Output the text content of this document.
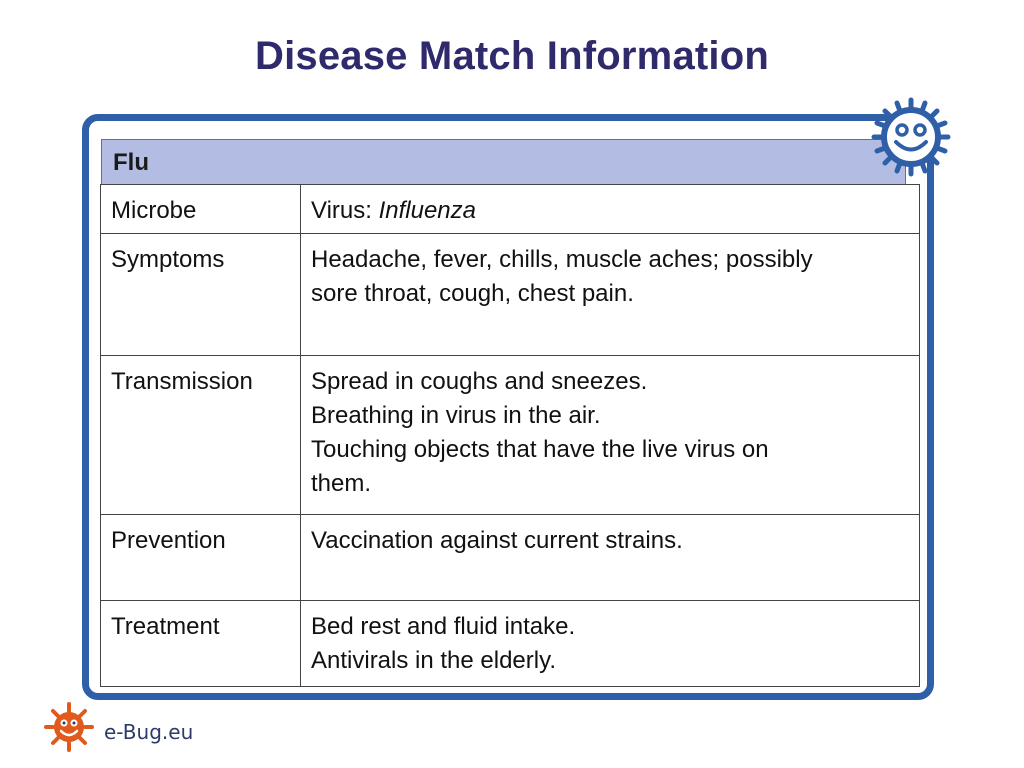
Disease Match Information
Flu
Microbe	Virus: Influenza
Symptoms	Headache, fever, chills, muscle aches; possibly
sore throat, cough, chest pain.

Transmission	Spread in coughs and sneezes.
Breathing in virus in the air.
Touching objects that have the live virus on
them.

Prevention	Vaccination against current strains.

Treatment	Bed rest and fluid intake.
Antivirals in the elderly.
e-Bug.eu
